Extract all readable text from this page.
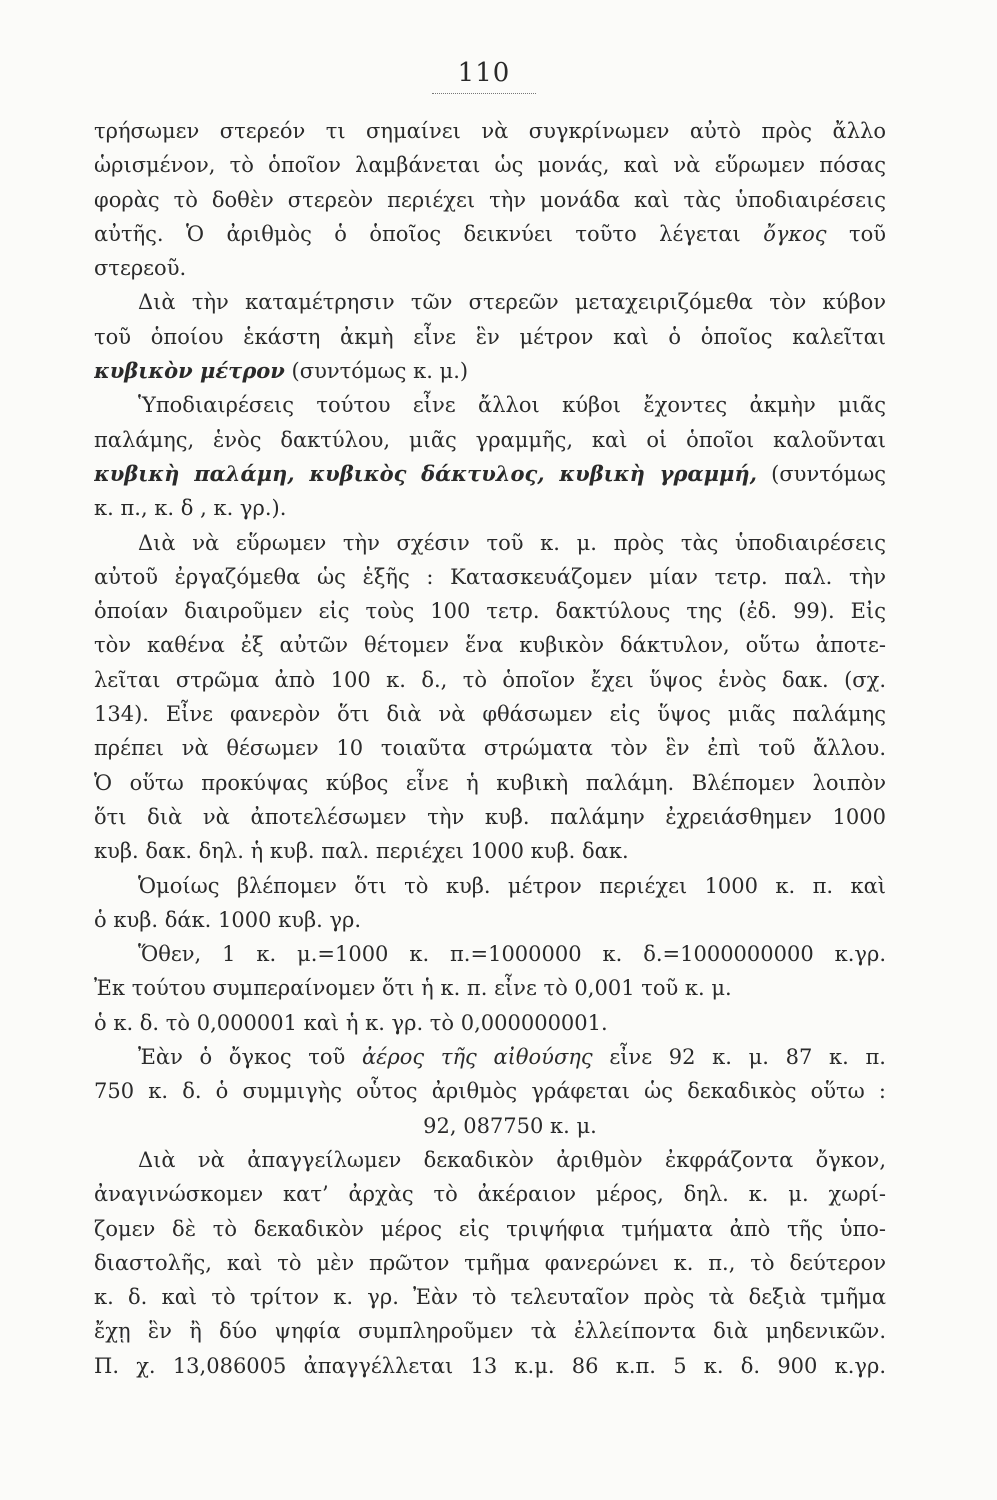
110
τρήσωμεν στερεόν τι σημαίνει νὰ συγκρίνωμεν αὐτὸ πρὸς ἄλλο
ὡρισμένον, τὸ ὁποῖον λαμβάνεται ὡς μονάς, καὶ νὰ εὕρωμεν πόσας
φορὰς τὸ δοθὲν στερεὸν περιέχει τὴν μονάδα καὶ τὰς ὑποδιαιρέσεις
αὐτῆς. Ὁ ἀριθμὸς ὁ ὁποῖος δεικνύει τοῦτο λέγεται ὄγκος τοῦ
στερεοῦ.
Διὰ τὴν καταμέτρησιν τῶν στερεῶν μεταχειριζόμεθα τὸν κύβον
τοῦ ὁποίου ἑκάστη ἀκμὴ εἶνε ἓν μέτρον καὶ ὁ ὁποῖος καλεῖται
κυβικὸν μέτρον (συντόμως κ. μ.)
Ὑποδιαιρέσεις τούτου εἶνε ἄλλοι κύβοι ἔχοντες ἀκμὴν μιᾶς
παλάμης, ἑνὸς δακτύλου, μιᾶς γραμμῆς, καὶ οἱ ὁποῖοι καλοῦνται
κυβικὴ παλάμη, κυβικὸς δάκτυλος, κυβικὴ γραμμή, (συντόμως
κ. π., κ. δ , κ. γρ.).
Διὰ νὰ εὕρωμεν τὴν σχέσιν τοῦ κ. μ. πρὸς τὰς ὑποδιαιρέσεις
αὐτοῦ ἐργαζόμεθα ὡς ἑξῆς : Κατασκευάζομεν μίαν τετρ. παλ. τὴν
ὁποίαν διαιροῦμεν εἰς τοὺς 100 τετρ. δακτύλους της (ἐδ. 99). Εἰς
τὸν καθένα ἐξ αὐτῶν θέτομεν ἕνα κυβικὸν δάκτυλον, οὕτω ἀποτε-
λεῖται στρῶμα ἀπὸ 100 κ. δ., τὸ ὁποῖον ἔχει ὕψος ἑνὸς δακ. (σχ.
134). Εἶνε φανερὸν ὅτι διὰ νὰ φθάσωμεν εἰς ὕψος μιᾶς παλάμης
πρέπει νὰ θέσωμεν 10 τοιαῦτα στρώματα τὸν ἓν ἐπὶ τοῦ ἄλλου.
Ὁ οὕτω προκύψας κύβος εἶνε ἡ κυβικὴ παλάμη. Βλέπομεν λοιπὸν
ὅτι διὰ νὰ ἀποτελέσωμεν τὴν κυβ. παλάμην ἐχρειάσθημεν 1000
κυβ. δακ. δηλ. ἡ κυβ. παλ. περιέχει 1000 κυβ. δακ.
Ὁμοίως βλέπομεν ὅτι τὸ κυβ. μέτρον περιέχει 1000 κ. π. καὶ
ὁ κυβ. δάκ. 1000 κυβ. γρ.
Ὅθεν, 1 κ. μ.=1000 κ. π.=1000000 κ. δ.=1000000000 κ.γρ.
Ἐκ τούτου συμπεραίνομεν ὅτι ἡ κ. π. εἶνε τὸ 0,001 τοῦ κ. μ.
ὁ κ. δ. τὸ 0,000001 καὶ ἡ κ. γρ. τὸ 0,000000001.
Ἐὰν ὁ ὄγκος τοῦ ἀέρος τῆς αἰθούσης εἶνε 92 κ. μ. 87 κ. π.
750 κ. δ. ὁ συμμιγὴς οὗτος ἀριθμὸς γράφεται ὡς δεκαδικὸς οὕτω :
92, 087750 κ. μ.
Διὰ νὰ ἀπαγγείλωμεν δεκαδικὸν ἀριθμὸν ἐκφράζοντα ὄγκον,
ἀναγινώσκομεν κατ’ ἀρχὰς τὸ ἀκέραιον μέρος, δηλ. κ. μ. χωρί-
ζομεν δὲ τὸ δεκαδικὸν μέρος εἰς τριψήφια τμήματα ἀπὸ τῆς ὑπο-
διαστολῆς, καὶ τὸ μὲν πρῶτον τμῆμα φανερώνει κ. π., τὸ δεύτερον
κ. δ. καὶ τὸ τρίτον κ. γρ. Ἐὰν τὸ τελευταῖον πρὸς τὰ δεξιὰ τμῆμα
ἔχῃ ἓν ἢ δύο ψηφία συμπληροῦμεν τὰ ἐλλείποντα διὰ μηδενικῶν.
Π. χ. 13,086005 ἀπαγγέλλεται 13 κ.μ. 86 κ.π. 5 κ. δ. 900 κ.γρ.
